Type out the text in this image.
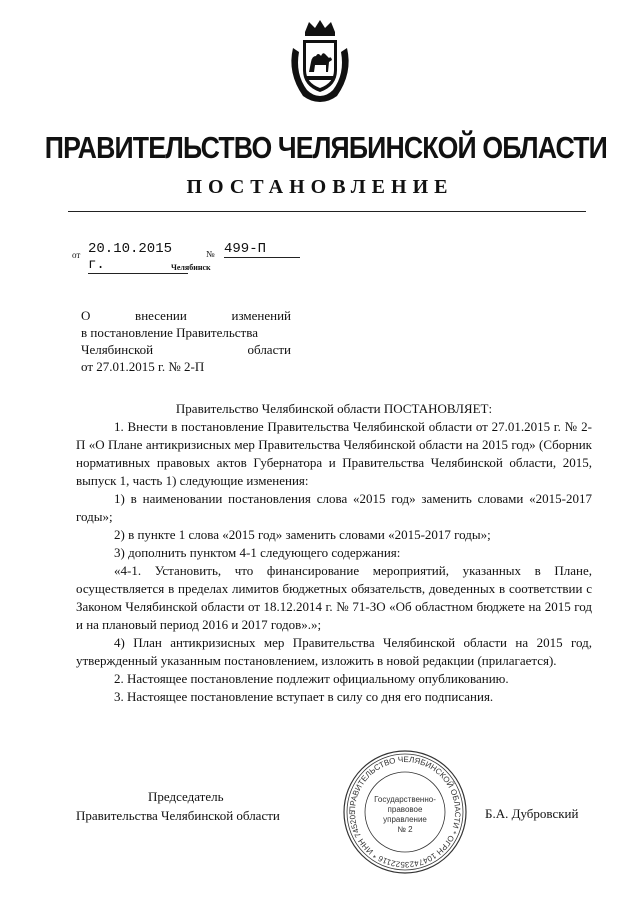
ПРАВИТЕЛЬСТВО ЧЕЛЯБИНСКОЙ ОБЛАСТИ
ПОСТАНОВЛЕНИЕ
от 20.10.2015 г.
№ 499-П
Челябинск
О внесении изменений
в постановление Правительства
Челябинской области
от 27.01.2015 г. № 2-П

Правительство Челябинской области ПОСТАНОВЛЯЕТ:

1. Внести в постановление Правительства Челябинской области от 27.01.2015 г. № 2-П «О Плане антикризисных мер Правительства Челябинской области на 2015 год» (Сборник нормативных правовых актов Губернатора и Правительства Челябинской области, 2015, выпуск 1, часть 1) следующие изменения:

1) в наименовании постановления слова «2015 год» заменить словами «2015-2017 годы»;

2) в пункте 1 слова «2015 год» заменить словами «2015-2017 годы»;

3) дополнить пунктом 4-1 следующего содержания:

«4-1. Установить, что финансирование мероприятий, указанных в Плане, осуществляется в пределах лимитов бюджетных обязательств, доведенных в соответствии с Законом Челябинской области от 18.12.2014 г. № 71-ЗО «Об областном бюджете на 2015 год и на плановый период 2016 и 2017 годов».»;

4) План антикризисных мер Правительства Челябинской области на 2015 год, утвержденный указанным постановлением, изложить в новой редакции (прилагается).

2. Настоящее постановление подлежит официальному опубликованию.

3. Настоящее постановление вступает в силу со дня его подписания.

Председатель
Правительства Челябинской области	ПРАВИТЕЛЬСТВО ЧЕЛЯБИНСКОЙ ОБЛАСТИ * ОГРН 1047423522116 * ИНН 745205
Государственно-
правовое
управление
№ 2
Б.А. Дубровский
